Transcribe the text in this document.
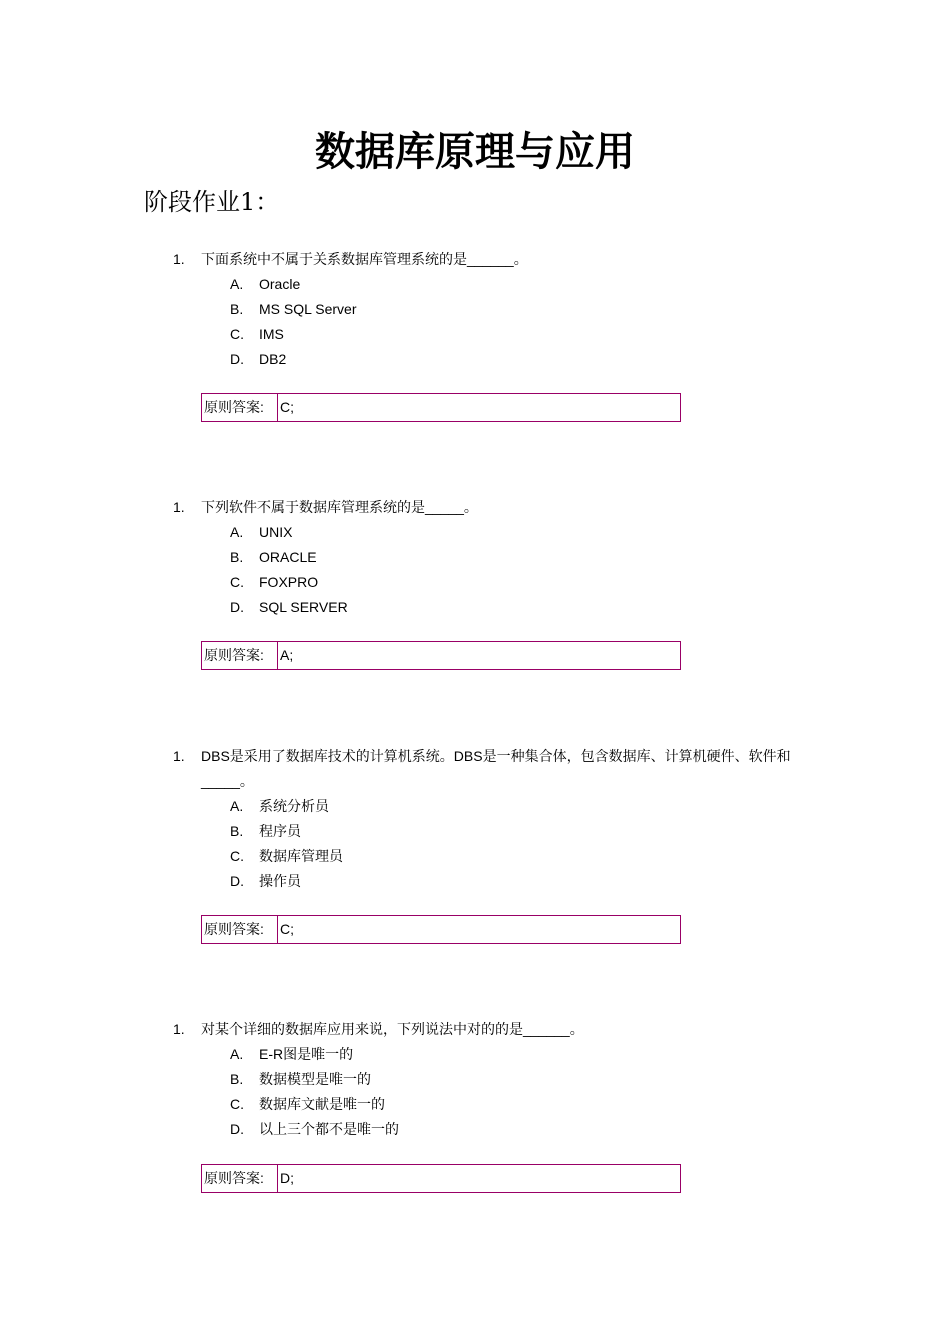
数据库原理与应用
阶段作业1：
1. 下面系统中不属于关系数据库管理系统的是______。
A. Oracle
B. MS SQL Server
C. IMS
D. DB2
原则答案:	C;
1. 下列软件不属于数据库管理系统的是_____。
A. UNIX
B. ORACLE
C. FOXPRO
D. SQL SERVER
原则答案:	A;
1. DBS是采用了数据库技术的计算机系统。DBS是一种集合体，包含数据库、计算机硬件、软件和_____。
A. 系统分析员
B. 程序员
C. 数据库管理员
D. 操作员
原则答案:	C;
1. 对某个详细的数据库应用来说，下列说法中对的的是______。
A. E-R图是唯一的
B. 数据模型是唯一的
C. 数据库文献是唯一的
D. 以上三个都不是唯一的
原则答案:	D;
